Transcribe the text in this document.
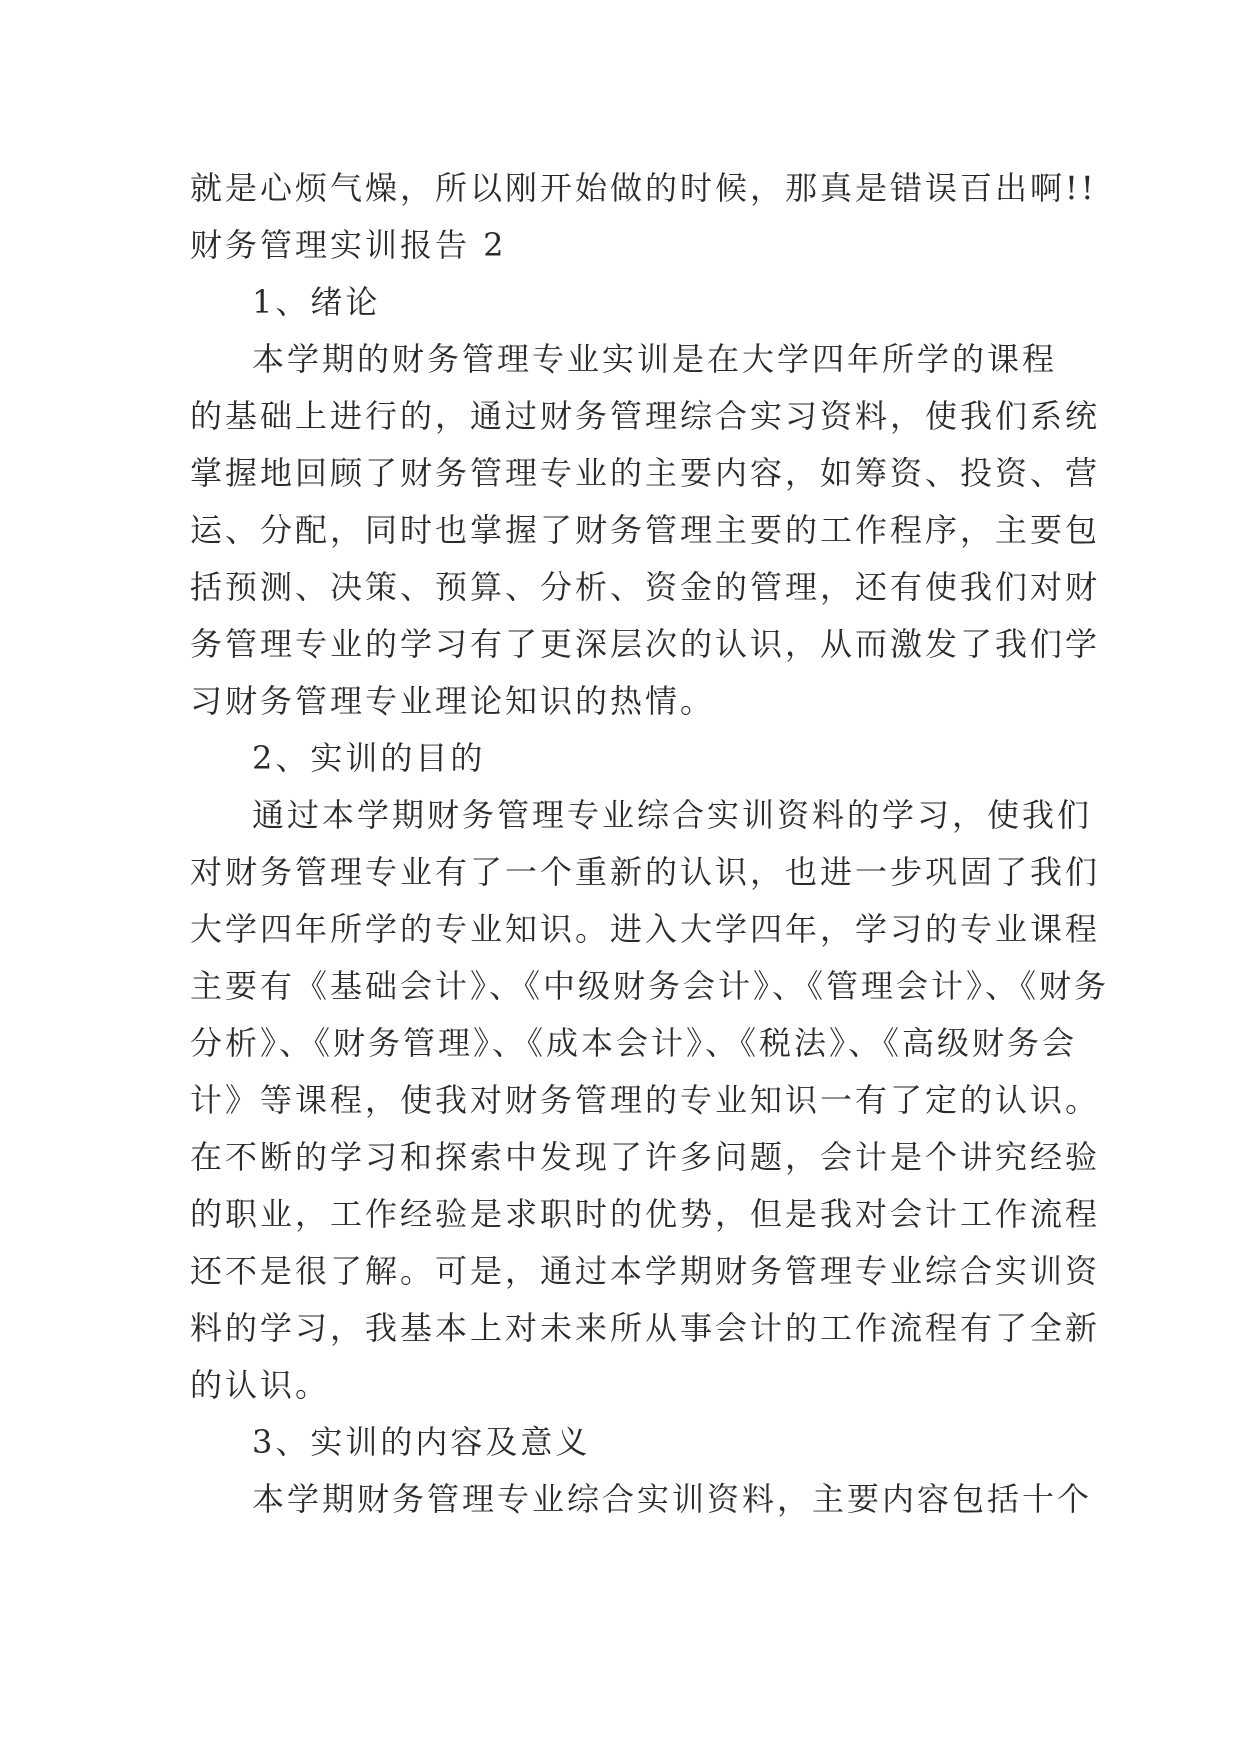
就是心烦气燥，所以刚开始做的时候，那真是错误百出啊!!

财务管理实训报告 2

1、绪论

本学期的财务管理专业实训是在大学四年所学的课程

的基础上进行的，通过财务管理综合实习资料，使我们系统

掌握地回顾了财务管理专业的主要内容，如筹资、投资、营

运、分配，同时也掌握了财务管理主要的工作程序，主要包

括预测、决策、预算、分析、资金的管理，还有使我们对财

务管理专业的学习有了更深层次的认识，从而激发了我们学

习财务管理专业理论知识的热情。

2、实训的目的

通过本学期财务管理专业综合实训资料的学习，使我们

对财务管理专业有了一个重新的认识，也进一步巩固了我们

大学四年所学的专业知识。进入大学四年，学习的专业课程

主要有《基础会计》、《中级财务会计》、《管理会计》、《财务

分析》、《财务管理》、《成本会计》、《税法》、《高级财务会

计》等课程，使我对财务管理的专业知识一有了定的认识。

在不断的学习和探索中发现了许多问题，会计是个讲究经验

的职业，工作经验是求职时的优势，但是我对会计工作流程

还不是很了解。可是，通过本学期财务管理专业综合实训资

料的学习，我基本上对未来所从事会计的工作流程有了全新

的认识。

3、实训的内容及意义

本学期财务管理专业综合实训资料，主要内容包括十个
